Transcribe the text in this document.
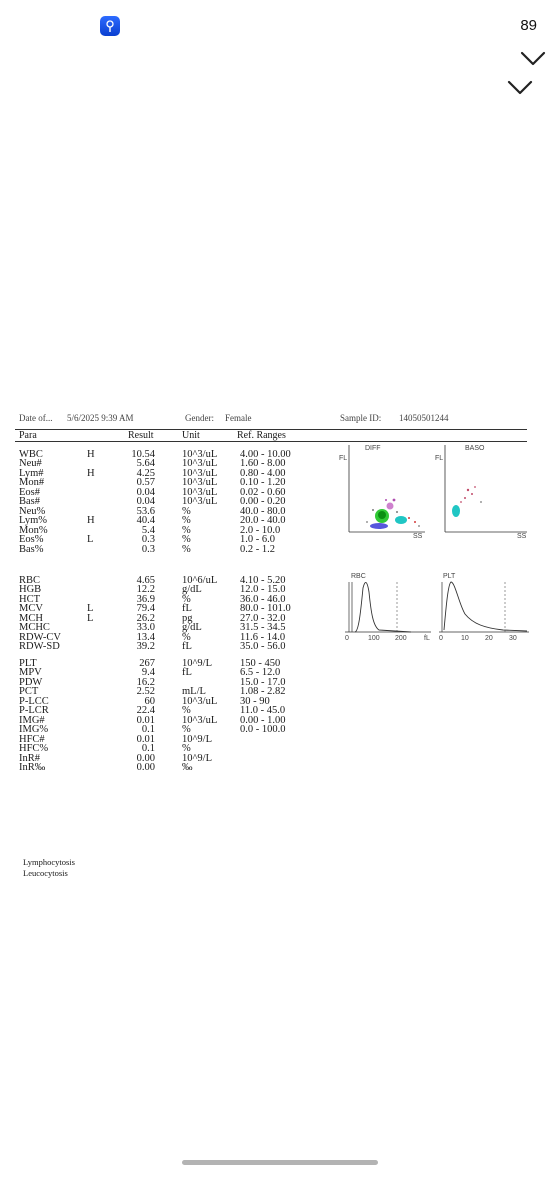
89
Date of... 5/6/2025 9:39 AM	Gender: Female	Sample ID: 14050501244
Para	Result	Unit	Ref. Ranges
WBC	H	10.54	10^3/uL 4.00 - 10.00
Neu#	5.64	10^3/uL 1.60 - 8.00
Lym#	H	4.25	10^3/uL 0.80 - 4.00
Mon#	0.57	10^3/uL 0.10 - 1.20
Eos#	0.04	10^3/uL 0.02 - 0.60
Bas#	0.04	10^3/uL 0.00 - 0.20
Neu%	53.6	%	40.0 - 80.0
Lym%	H	40.4	%	20.0 - 40.0
Mon%	5.4	%	2.0 - 10.0
Eos%	L	0.3	%	1.0 - 6.0
Bas%	0.3	%	0.2 - 1.2
RBC	4.65	10^6/uL 4.10 - 5.20
HGB	12.2	g/dL	12.0 - 15.0
HCT	36.9	%	36.0 - 46.0
MCV	L	79.4	fL	80.0 - 101.0
MCH	L	26.2	pg	27.0 - 32.0
MCHC	33.0	g/dL	31.5 - 34.5
RDW-CV	13.4	%	11.6 - 14.0
RDW-SD	39.2	fL	35.0 - 56.0
PLT	267	10^9/L	150 - 450
MPV	9.4	fL	6.5 - 12.0
PDW	16.2	15.0 - 17.0
PCT	2.52	mL/L	1.08 - 2.82
P-LCC	60	10^3/uL 30 - 90
P-LCR	22.4	%	11.0 - 45.0
IMG#	0.01	10^3/uL 0.00 - 1.00
IMG%	0.1	%	0.0 - 100.0
HFC#	0.01	10^9/L
HFC%	0.1	%
InR#	0.00	10^9/L
InR‰	0.00	‰
DIFF
FL
SS
BASO
FL
SS
RBC
0	100 200 fL
PLT
0	10 20 30
Lymphocytosis
Leucocytosis
